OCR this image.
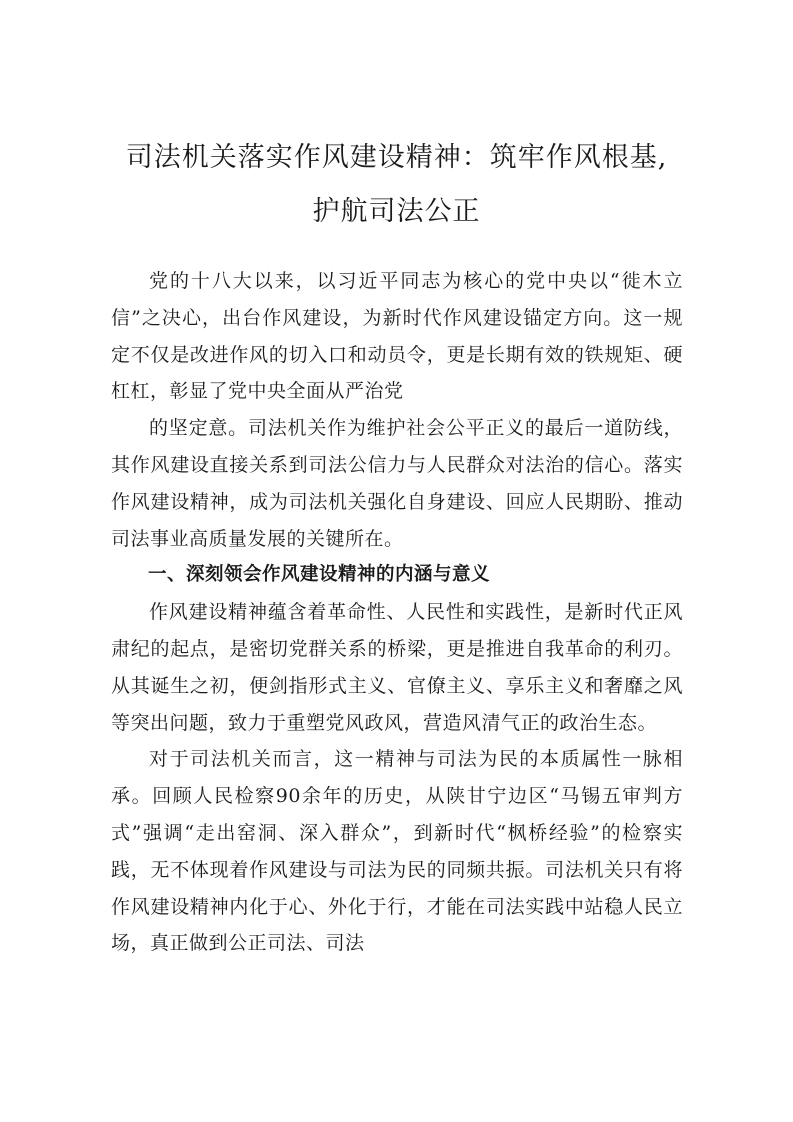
司法机关落实作风建设精神：筑牢作风根基,
护航司法公正

党的十八大以来，以习近平同志为核心的党中央以“徙木立信”之决心，出台作风建设，为新时代作风建设锚定方向。这一规定不仅是改进作风的切入口和动员令，更是长期有效的铁规矩、硬杠杠，彰显了党中央全面从严治党

的坚定意。司法机关作为维护社会公平正义的最后一道防线，其作风建设直接关系到司法公信力与人民群众对法治的信心。落实作风建设精神，成为司法机关强化自身建设、回应人民期盼、推动司法事业高质量发展的关键所在。

一、深刻领会作风建设精神的内涵与意义

作风建设精神蕴含着革命性、人民性和实践性，是新时代正风肃纪的起点，是密切党群关系的桥梁，更是推进自我革命的利刃。从其诞生之初，便剑指形式主义、官僚主义、享乐主义和奢靡之风等突出问题，致力于重塑党风政风，营造风清气正的政治生态。

对于司法机关而言，这一精神与司法为民的本质属性一脉相承。回顾人民检察90余年的历史，从陕甘宁边区“马锡五审判方式”强调“走出窑洞、深入群众”，到新时代“枫桥经验”的检察实践，无不体现着作风建设与司法为民的同频共振。司法机关只有将作风建设精神内化于心、外化于行，才能在司法实践中站稳人民立场，真正做到公正司法、司法
